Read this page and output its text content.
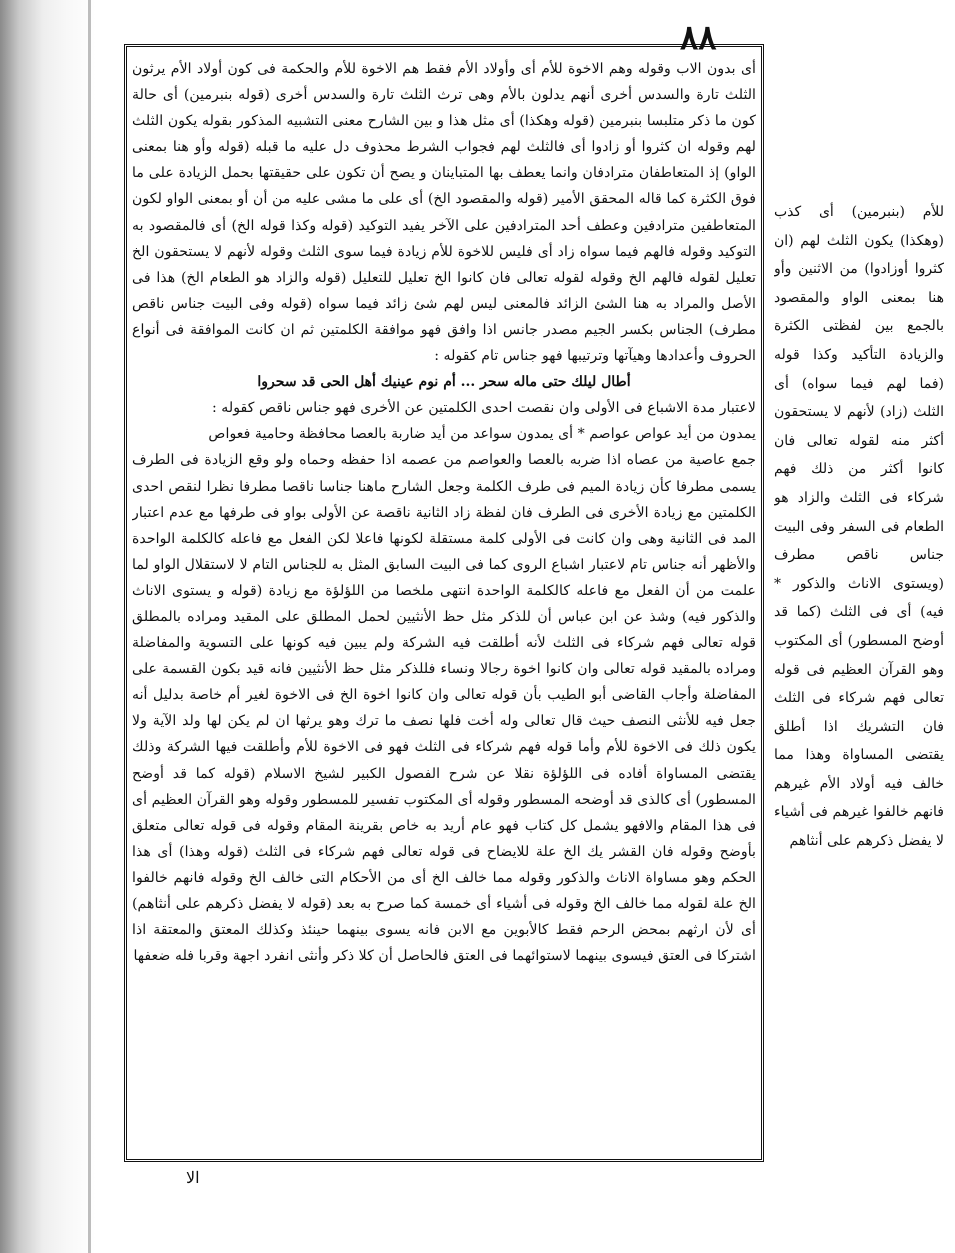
٨٨

أى بدون الاب وقوله وهم الاخوة للأم أى وأولاد الأم فقط هم الاخوة للأم والحكمة فى كون أولاد الأم يرثون الثلث تارة والسدس أخرى أنهم يدلون بالأم وهى ترث الثلث تارة والسدس أخرى (قوله بنبرمين) أى حالة كون ما ذكر متلبسا بنبرمين (قوله وهكذا) أى مثل هذا و بين الشارح معنى التشبيه المذكور بقوله يكون الثلث لهم وقوله ان كثروا أو زادوا أى فالثلث لهم فجواب الشرط محذوف دل عليه ما قبله (قوله وأو هنا بمعنى الواو) إذ المتعاطفان مترادفان وانما يعطف بها المتباينان و يصح أن تكون على حقيقتها بحمل الزيادة على ما فوق الكثرة كما قاله المحقق الأمير (قوله والمقصود الخ) أى على ما مشى عليه من أن أو بمعنى الواو لكون المتعاطفين مترادفين وعطف أحد المترادفين على الآخر يفيد التوكيد (قوله وكذا قوله الخ) أى فالمقصود به التوكيد وقوله فالهم فيما سواه زاد أى فليس للاخوة للأم زيادة فيما سوى الثلث وقوله لأنهم لا يستحقون الخ تعليل لقوله فالهم الخ وقوله لقوله تعالى فان كانوا الخ تعليل للتعليل (قوله والزاد هو الطعام الخ) هذا فى الأصل والمراد به هنا الشئ الزائد فالمعنى ليس لهم شئ زائد فيما سواه (قوله وفى البيت جناس ناقص مطرف) الجناس بكسر الجيم مصدر جانس اذا وافق فهو موافقة الكلمتين ثم ان كانت الموافقة فى أنواع الحروف وأعدادها وهيآتها وترتيبها فهو جناس تام كقوله :

أطال ليلك حتى ماله سحر ... أم نوم عينيك أهل الحى قد سحروا

لاعتبار مدة الاشباع فى الأولى وان نقصت احدى الكلمتين عن الأخرى فهو جناس ناقص كقوله :

يمدون من أيد عواص عواصم * أى يمدون سواعد من أيد ضاربة بالعصا محافظة وحامية فعواص

جمع عاصية من عصاه اذا ضربه بالعصا والعواصم من عصمه اذا حفظه وحماه ولو وقع الزيادة فى الطرف يسمى مطرفا كأن زيادة الميم فى طرف الكلمة وجعل الشارح ماهنا جناسا ناقصا مطرفا نظرا لنقص احدى الكلمتين مع زيادة الأخرى فى الطرف فان لفظة زاد الثانية ناقصة عن الأولى بواو فى طرفها مع عدم اعتبار المد فى الثانية وهى وان كانت فى الأولى كلمة مستقلة لكونها فاعلا لكن الفعل مع فاعله كالكلمة الواحدة والأظهر أنه جناس تام لاعتبار اشباع الروى كما فى البيت السابق المثل به للجناس التام لا لاستقلال الواو لما علمت من أن الفعل مع فاعله كالكلمة الواحدة انتهى ملخصا من اللؤلؤة مع زيادة (قوله و يستوى الاناث والذكور فيه) وشذ عن ابن عباس أن للذكر مثل حظ الأنثيين لحمل المطلق على المقيد ومراده بالمطلق قوله تعالى فهم شركاء فى الثلث لأنه أطلقت فيه الشركة ولم يبين فيه كونها على التسوية والمفاضلة ومراده بالمقيد قوله تعالى وان كانوا اخوة رجالا ونساء فللذكر مثل حظ الأنثيين فانه قيد بكون القسمة على المفاضلة وأجاب القاضى أبو الطيب بأن قوله تعالى وان كانوا اخوة الخ فى الاخوة لغير أم خاصة بدليل أنه جعل فيه للأنثى النصف حيث قال تعالى وله أخت فلها نصف ما ترك وهو يرثها ان لم يكن لها ولد الآية ولا يكون ذلك فى الاخوة للأم وأما قوله فهم شركاء فى الثلث فهو فى الاخوة للأم وأطلقت فيها الشركة وذلك يقتضى المساواة أفاده فى اللؤلؤة نقلا عن شرح الفصول الكبير لشيخ الاسلام (قوله كما قد أوضح المسطور) أى كالذى قد أوضحه المسطور وقوله أى المكتوب تفسير للمسطور وقوله وهو القرآن العظيم أى فى هذا المقام والافهو يشمل كل كتاب فهو عام أريد به خاص بقرينة المقام وقوله فى قوله تعالى متعلق بأوضح وقوله فان القشر يك الخ علة للايضاح فى قوله تعالى فهم شركاء فى الثلث (قوله وهذا) أى هذا الحكم وهو مساواة الاناث والذكور وقوله مما خالف الخ أى من الأحكام التى خالف الخ وقوله فانهم خالفوا الخ علة لقوله مما خالف الخ وقوله فى أشياء أى خمسة كما صرح به بعد (قوله لا يفضل ذكرهم على أنثاهم) أى لأن ارثهم بمحض الرحم فقط كالأبوين مع الابن فانه يسوى بينهما حينئذ وكذلك المعتق والمعتقة اذا اشتركا فى العتق فيسوى بينهما لاستوائهما فى العتق فالحاصل أن كلا ذكر وأنثى انفرد اجهة وقربا فله ضعفها

للأم (بنبرمين) أى كذب (وهكذا) يكون الثلث لهم (ان كثروا أوزادوا) من الاثنين وأو هنا بمعنى الواو والمقصود بالجمع بين لفظتى الكثرة والزيادة التأكيد وكذا قوله (فما لهم فيما سواه) أى الثلث (زاد) لأنهم لا يستحقون أكثر منه لقوله تعالى فان كانوا أكثر من ذلك فهم شركاء فى الثلث والزاد هو الطعام فى السفر وفى البيت جناس ناقص مطرف (ويستوى الاناث والذكور * فيه) أى فى الثلث (كما قد أوضح المسطور) أى المكتوب وهو القرآن العظيم فى قوله تعالى فهم شركاء فى الثلث فان التشريك اذا أطلق يقتضى المساواة وهذا مما خالف فيه أولاد الأم غيرهم فانهم خالفوا غيرهم فى أشياء لا يفضل ذكرهم على أنثاهم

الا
